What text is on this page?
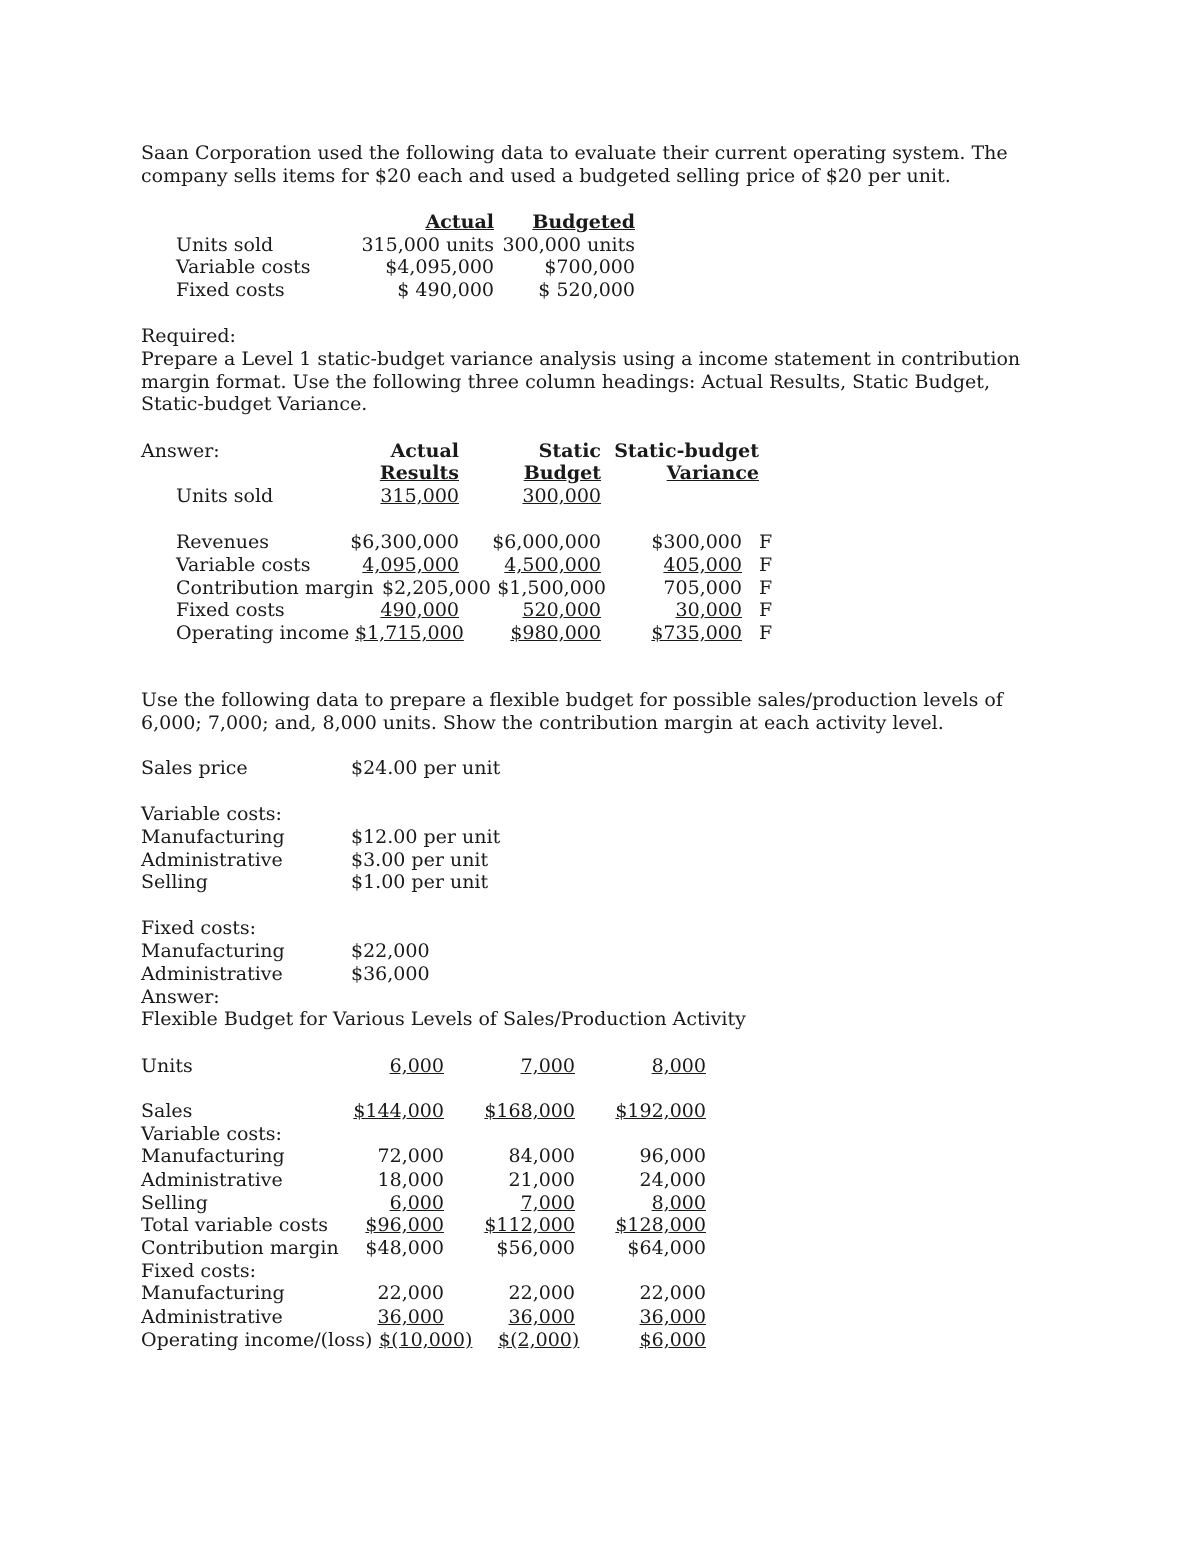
Saan Corporation used the following data to evaluate their current operating system. The
company sells items for $20 each and used a budgeted selling price of $20 per unit.
Actual Budgeted
Units sold	315,000 units 300,000 units
Variable costs	$4,095,000	$700,000
Fixed costs	$ 490,000 $ 520,000
Required:
Prepare a Level 1 static-budget variance analysis using a income statement in contribution
margin format. Use the following three column headings: Actual Results, Static Budget,
Static-budget Variance.
Answer:	Actual	Static Static-budget
Results	Budget	Variance
Units sold	315,000	300,000
Revenues	$6,300,000 $6,000,000	$300,000 F
Variable costs	4,095,000 4,500,000	405,000 F
Contribution margin $2,205,000 $1,500,000	705,000 F
Fixed costs	490,000	520,000	30,000 F
Operating income $1,715,000 $980,000	$735,000 F
Use the following data to prepare a flexible budget for possible sales/production levels of
6,000; 7,000; and, 8,000 units. Show the contribution margin at each activity level.
Sales price	$24.00 per unit
Variable costs:
Manufacturing	$12.00 per unit
Administrative	$3.00 per unit
Selling	$1.00 per unit
Fixed costs:
Manufacturing	$22,000
Administrative	$36,000
Answer:
Flexible Budget for Various Levels of Sales/Production Activity
Units	6,000	7,000	8,000
Sales	$144,000 $168,000 $192,000
Variable costs:
Manufacturing	72,000	84,000	96,000
Administrative	18,000	21,000	24,000
Selling	6,000	7,000	8,000
Total variable costs $96,000 $112,000 $128,000
Contribution margin $48,000	$56,000	$64,000
Fixed costs:
Manufacturing	22,000	22,000	22,000
Administrative	36,000	36,000	36,000
Operating income/(loss) $(10,000) $(2,000)	$6,000
